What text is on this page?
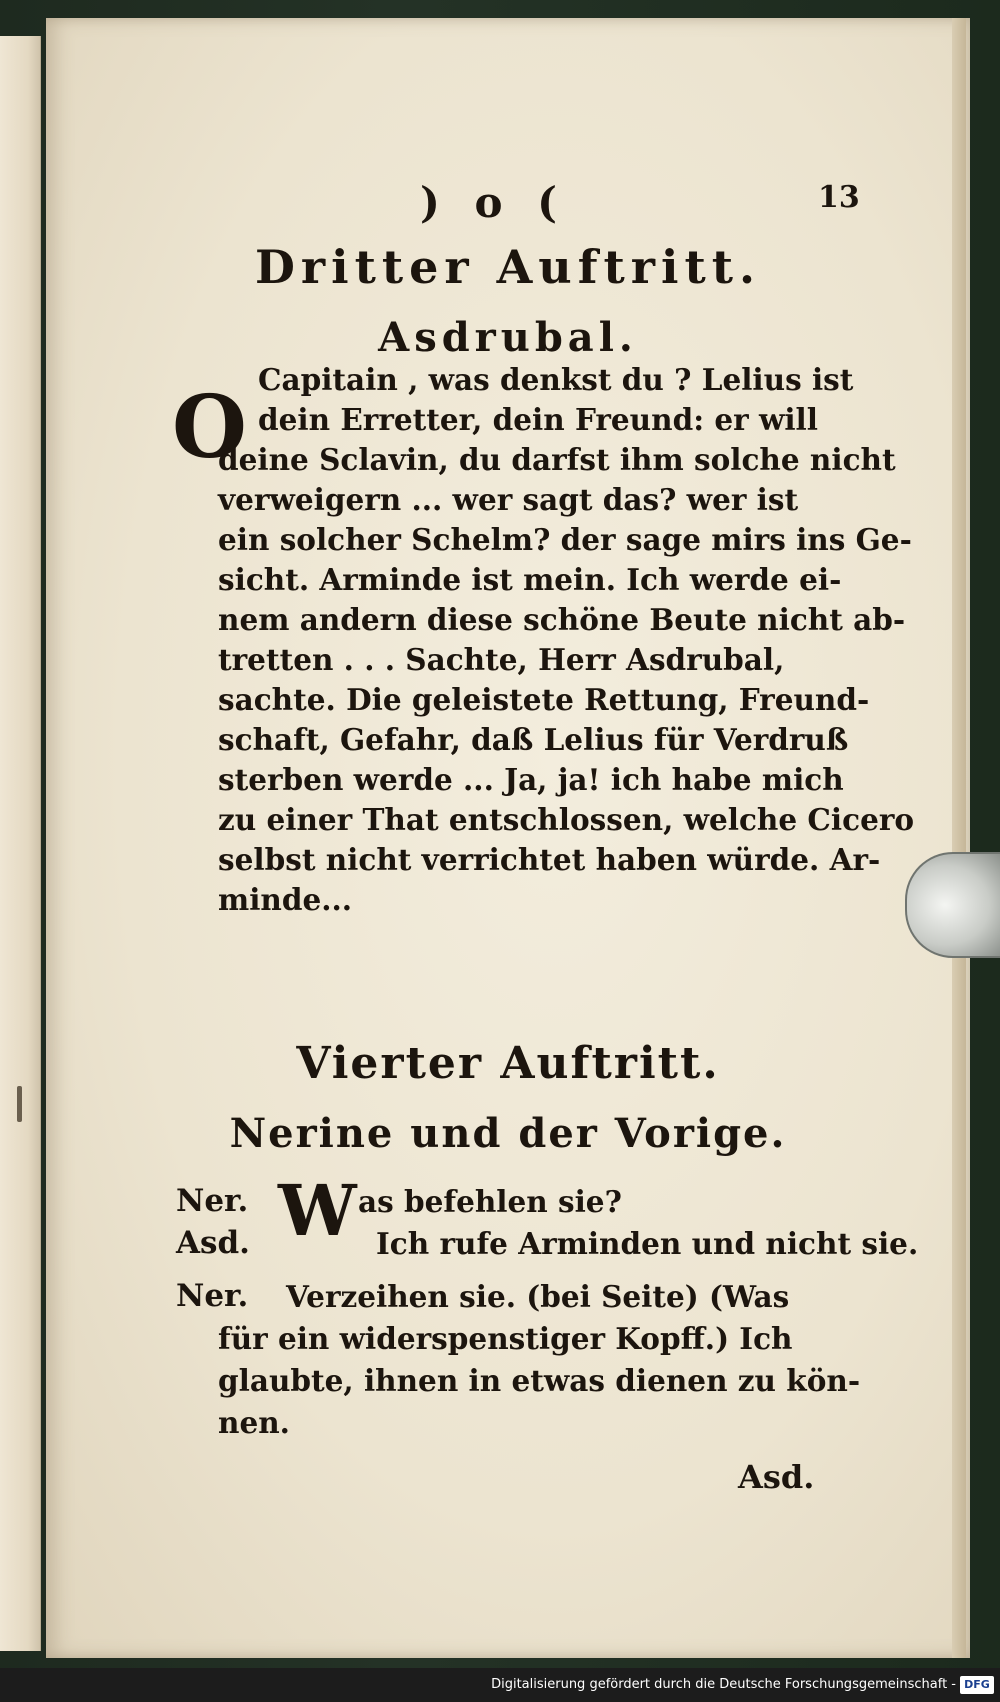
) o (	13
Dritter Auftritt.
Asdrubal.
O Capitain , was denkst du ? Lelius ist
dein Erretter, dein Freund: er will
deine Sclavin, du darfst ihm solche nicht
verweigern ... wer sagt das? wer ist
ein solcher Schelm? der sage mirs ins Ge-
sicht. Arminde ist mein. Ich werde ei-
nem andern diese schöne Beute nicht ab-
tretten . . . Sachte, Herr Asdrubal,
sachte. Die geleistete Rettung, Freund-
schaft, Gefahr, daß Lelius für Verdruß
sterben werde ... Ja, ja! ich habe mich
zu einer That entschlossen, welche Cicero
selbst nicht verrichtet haben würde. Ar-
minde...
Vierter Auftritt.
Nerine und der Vorige.
Ner. W as befehlen sie?
Asd.	Ich rufe Arminden und nicht sie.
Ner. Verzeihen sie. (bei Seite) (Was
für ein widerspenstiger Kopff.) Ich
glaubte, ihnen in etwas dienen zu kön-
nen.
Asd.
Digitalisierung gefördert durch die Deutsche Forschungsgemeinschaft - DFG
